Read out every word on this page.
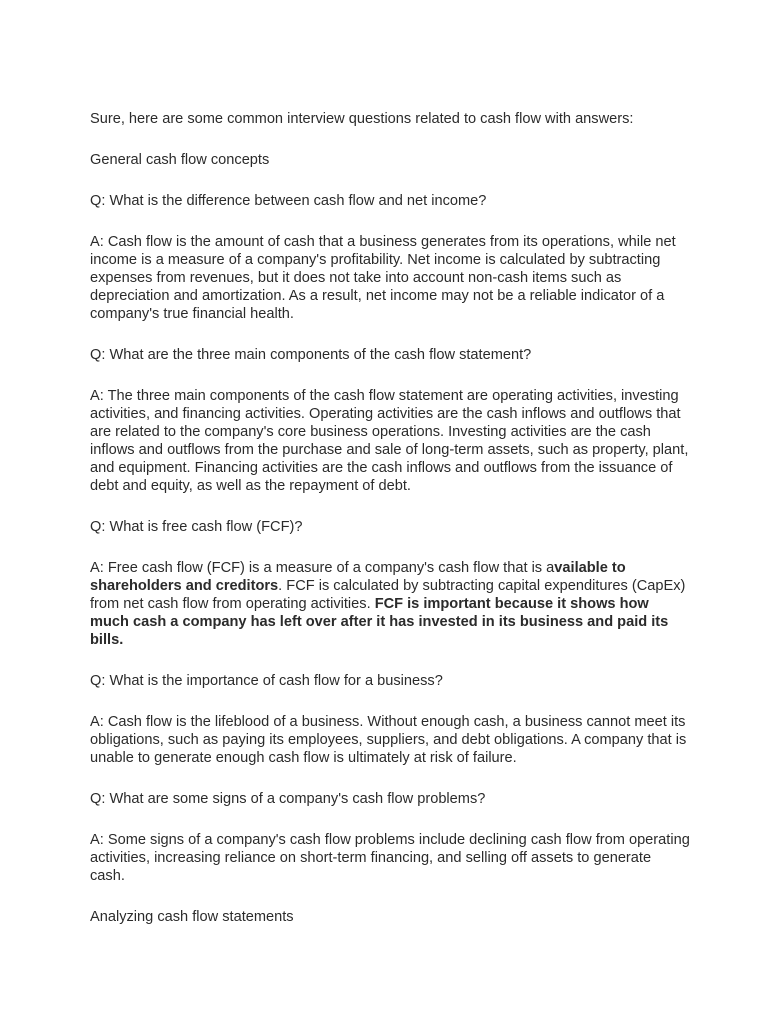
Sure, here are some common interview questions related to cash flow with answers:

General cash flow concepts

Q: What is the difference between cash flow and net income?

A: Cash flow is the amount of cash that a business generates from its operations, while net income is a measure of a company's profitability. Net income is calculated by subtracting expenses from revenues, but it does not take into account non-cash items such as depreciation and amortization. As a result, net income may not be a reliable indicator of a company's true financial health.

Q: What are the three main components of the cash flow statement?

A: The three main components of the cash flow statement are operating activities, investing activities, and financing activities. Operating activities are the cash inflows and outflows that are related to the company's core business operations. Investing activities are the cash inflows and outflows from the purchase and sale of long-term assets, such as property, plant, and equipment. Financing activities are the cash inflows and outflows from the issuance of debt and equity, as well as the repayment of debt.

Q: What is free cash flow (FCF)?

A: Free cash flow (FCF) is a measure of a company's cash flow that is available to shareholders and creditors. FCF is calculated by subtracting capital expenditures (CapEx) from net cash flow from operating activities. FCF is important because it shows how much cash a company has left over after it has invested in its business and paid its bills.

Q: What is the importance of cash flow for a business?

A: Cash flow is the lifeblood of a business. Without enough cash, a business cannot meet its obligations, such as paying its employees, suppliers, and debt obligations. A company that is unable to generate enough cash flow is ultimately at risk of failure.

Q: What are some signs of a company's cash flow problems?

A: Some signs of a company's cash flow problems include declining cash flow from operating activities, increasing reliance on short-term financing, and selling off assets to generate cash.

Analyzing cash flow statements
